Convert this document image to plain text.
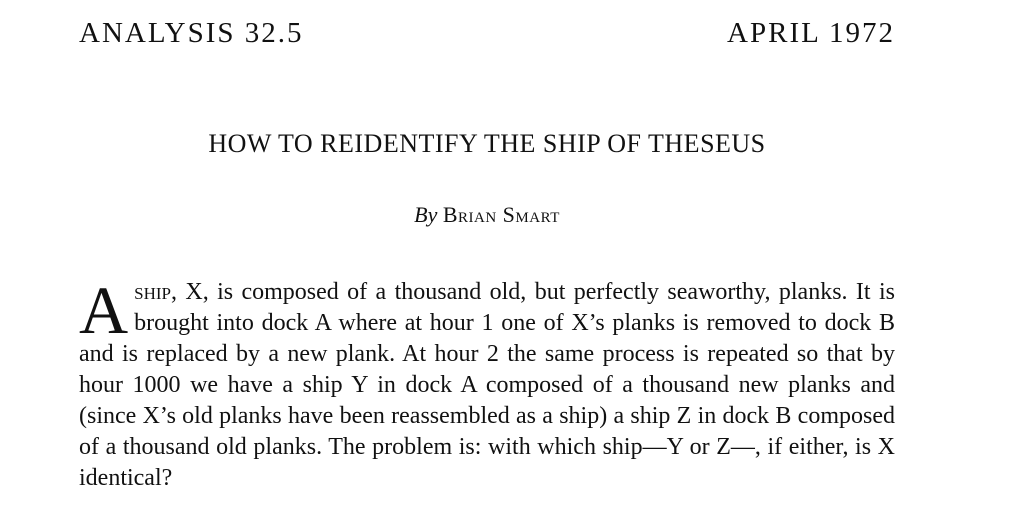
ANALYSIS 32.5	APRIL 1972
HOW TO REIDENTIFY THE SHIP OF THESEUS
By Brian Smart
Aship, X, is composed of a thousand old, but perfectly seaworthy, planks. It is brought into dock A where at hour 1 one of X’s planks is removed to dock B and is replaced by a new plank. At hour 2 the same process is repeated so that by hour 1000 we have a ship Y in dock A composed of a thousand new planks and (since X’s old planks have been reassembled as a ship) a ship Z in dock B composed of a thousand old planks. The problem is: with which ship—Y or Z—, if either, is X identical?
